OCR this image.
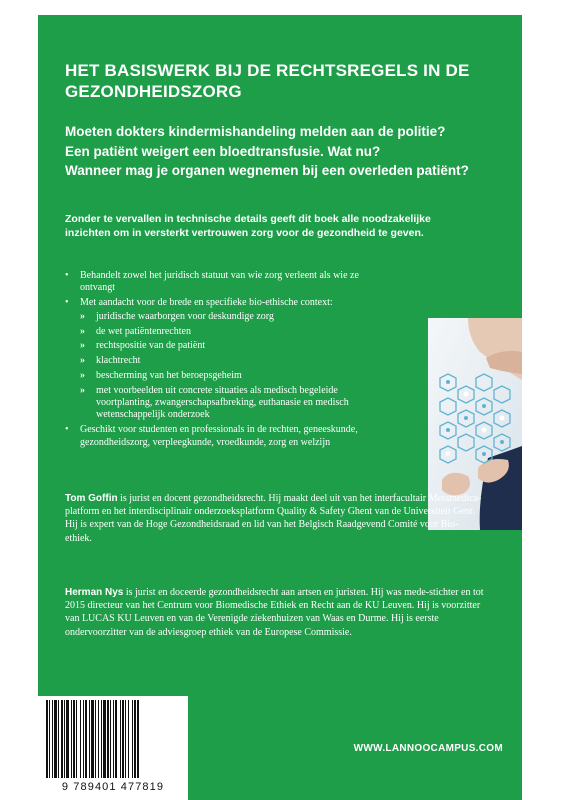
HET BASISWERK BIJ DE RECHTSREGELS IN DE GEZONDHEIDSZORG
Moeten dokters kindermishandeling melden aan de politie?
Een patiënt weigert een bloedtransfusie. Wat nu?
Wanneer mag je organen wegnemen bij een overleden patiënt?

Zonder te vervallen in technische details geeft dit boek alle noodzakelijke inzichten om in versterkt vertrouwen zorg voor de gezondheid te geven.

• Behandelt zowel het juridisch statuut van wie zorg verleent als wie ze ontvangt
• Met aandacht voor de brede en specifieke bio-ethische context:
» juridische waarborgen voor deskundige zorg
» de wet patiëntenrechten
» rechtspositie van de patiënt
» klachtrecht
» bescherming van het beroepsgeheim
» met voorbeelden uit concrete situaties als medisch begeleide voortplanting, zwangerschapsafbreking, euthanasie en medisch wetenschappelijk onderzoek
• Geschikt voor studenten en professionals in de rechten, geneeskunde, gezondheidszorg, verpleegkunde, vroedkunde, zorg en welzijn

Tom Goffin is jurist en docent gezondheidsrecht. Hij maakt deel uit van het interfacultair Metamedica-platform en het interdisciplinair onderzoeksplatform Quality & Safety Ghent van de Universiteit Gent. Hij is expert van de Hoge Gezondheidsraad en lid van het Belgisch Raadgevend Comité voor Bio-ethiek.

Herman Nys is jurist en doceerde gezondheidsrecht aan artsen en juristen. Hij was mede-stichter en tot 2015 directeur van het Centrum voor Biomedische Ethiek en Recht aan de KU Leuven. Hij is voorzitter van LUCAS KU Leuven en van de Verenigde ziekenhuizen van Waas en Durme. Hij is eerste ondervoorzitter van de adviesgroep ethiek van de Europese Commissie.

9 789401 477819
WWW.LANNOOCAMPUS.COM
